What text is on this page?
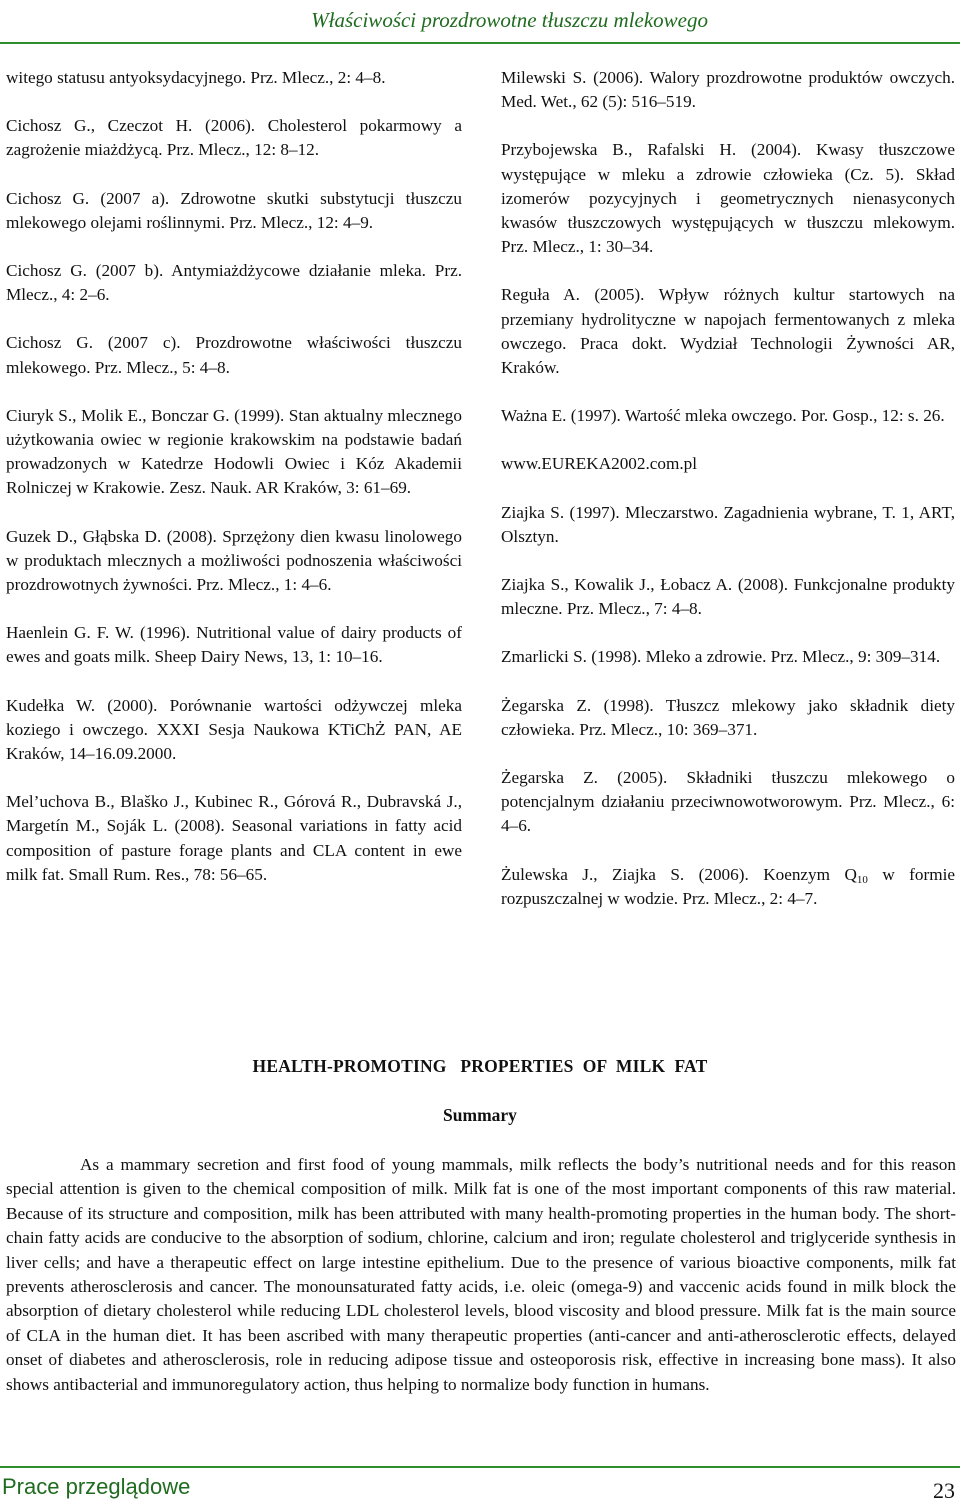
Właściwości prozdrowotne tłuszczu mlekowego

witego statusu antyoksydacyjnego. Prz. Mlecz., 2: 4–8.

Cichosz G., Czeczot H. (2006). Cholesterol pokarmowy a zagrożenie miażdżycą. Prz. Mlecz., 12: 8–12.

Cichosz G. (2007 a). Zdrowotne skutki substytucji tłuszczu mlekowego olejami roślinnymi. Prz. Mlecz., 12: 4–9.

Cichosz G. (2007 b). Antymiażdżycowe działanie mleka. Prz. Mlecz., 4: 2–6.

Cichosz G. (2007 c). Prozdrowotne właściwości tłuszczu mlekowego. Prz. Mlecz., 5: 4–8.

Ciuryk S., Molik E., Bonczar G. (1999). Stan aktualny mlecznego użytkowania owiec w regionie krakowskim na podstawie badań prowadzonych w Katedrze Hodowli Owiec i Kóz Akademii Rolniczej w Krakowie. Zesz. Nauk. AR Kraków, 3: 61–69.

Guzek D., Głąbska D. (2008). Sprzężony dien kwasu linolowego w produktach mlecznych a możliwości podnoszenia właściwości prozdrowotnych żywności. Prz. Mlecz., 1: 4–6.

Haenlein G. F. W. (1996). Nutritional value of dairy products of ewes and goats milk. Sheep Dairy News, 13, 1: 10–16.

Kudełka W. (2000). Porównanie wartości odżywczej mleka koziego i owczego. XXXI Sesja Naukowa KTiChŻ PAN, AE Kraków, 14–16.09.2000.

Mel’uchova B., Blaško J., Kubinec R., Górová R., Dubravská J., Margetín M., Soják L. (2008). Seasonal variations in fatty acid composition of pasture forage plants and CLA content in ewe milk fat. Small Rum. Res., 78: 56–65.

Milewski S. (2006). Walory prozdrowotne produktów owczych. Med. Wet., 62 (5): 516–519.

Przybojewska B., Rafalski H. (2004). Kwasy tłuszczowe występujące w mleku a zdrowie człowieka (Cz. 5). Skład izomerów pozycyjnych i geometrycznych nienasyconych kwasów tłuszczowych występujących w tłuszczu mlekowym. Prz. Mlecz., 1: 30–34.

Reguła A. (2005). Wpływ różnych kultur startowych na przemiany hydrolityczne w napojach fermentowanych z mleka owczego. Praca dokt. Wydział Technologii Żywności AR, Kraków.

Ważna E. (1997). Wartość mleka owczego. Por. Gosp., 12: s. 26.

www.EUREKA2002.com.pl

Ziajka S. (1997). Mleczarstwo. Zagadnienia wybrane, T. 1, ART, Olsztyn.

Ziajka S., Kowalik J., Łobacz A. (2008). Funkcjonalne produkty mleczne. Prz. Mlecz., 7: 4–8.

Zmarlicki S. (1998). Mleko a zdrowie. Prz. Mlecz., 9: 309–314.

Żegarska Z. (1998). Tłuszcz mlekowy jako składnik diety człowieka. Prz. Mlecz., 10: 369–371.

Żegarska Z. (2005). Składniki tłuszczu mlekowego o potencjalnym działaniu przeciwnowotworowym. Prz. Mlecz., 6: 4–6.

Żulewska J., Ziajka S. (2006). Koenzym $Q_{10}$ w formie rozpuszczalnej w wodzie. Prz. Mlecz., 2: 4–7.

HEALTH-PROMOTING   PROPERTIES  OF  MILK  FAT
Summary

As a mammary secretion and first food of young mammals, milk reflects the body’s nutritional needs and for this reason special attention is given to the chemical composition of milk. Milk fat is one of the most important components of this raw material. Because of its structure and composition, milk has been attributed with many health-promoting properties in the human body. The short-chain fatty acids are conducive to the absorption of sodium, chlorine, calcium and iron; regulate cholesterol and triglyceride synthesis in liver cells; and have a therapeutic effect on large intestine epithelium. Due to the presence of various bioactive components, milk fat prevents atherosclerosis and cancer. The monounsaturated fatty acids, i.e. oleic (omega-9) and vaccenic acids found in milk block the absorption of dietary cholesterol while reducing LDL cholesterol levels, blood viscosity and blood pressure. Milk fat is the main source of CLA in the human diet. It has been ascribed with many therapeutic properties (anti-cancer and anti-atherosclerotic effects, delayed onset of diabetes and atherosclerosis, role in reducing adipose tissue and osteoporosis risk, effective in increasing bone mass). It also shows antibacterial and immunoregulatory action, thus helping to normalize body function in humans.

Prace przeglądowe	23
